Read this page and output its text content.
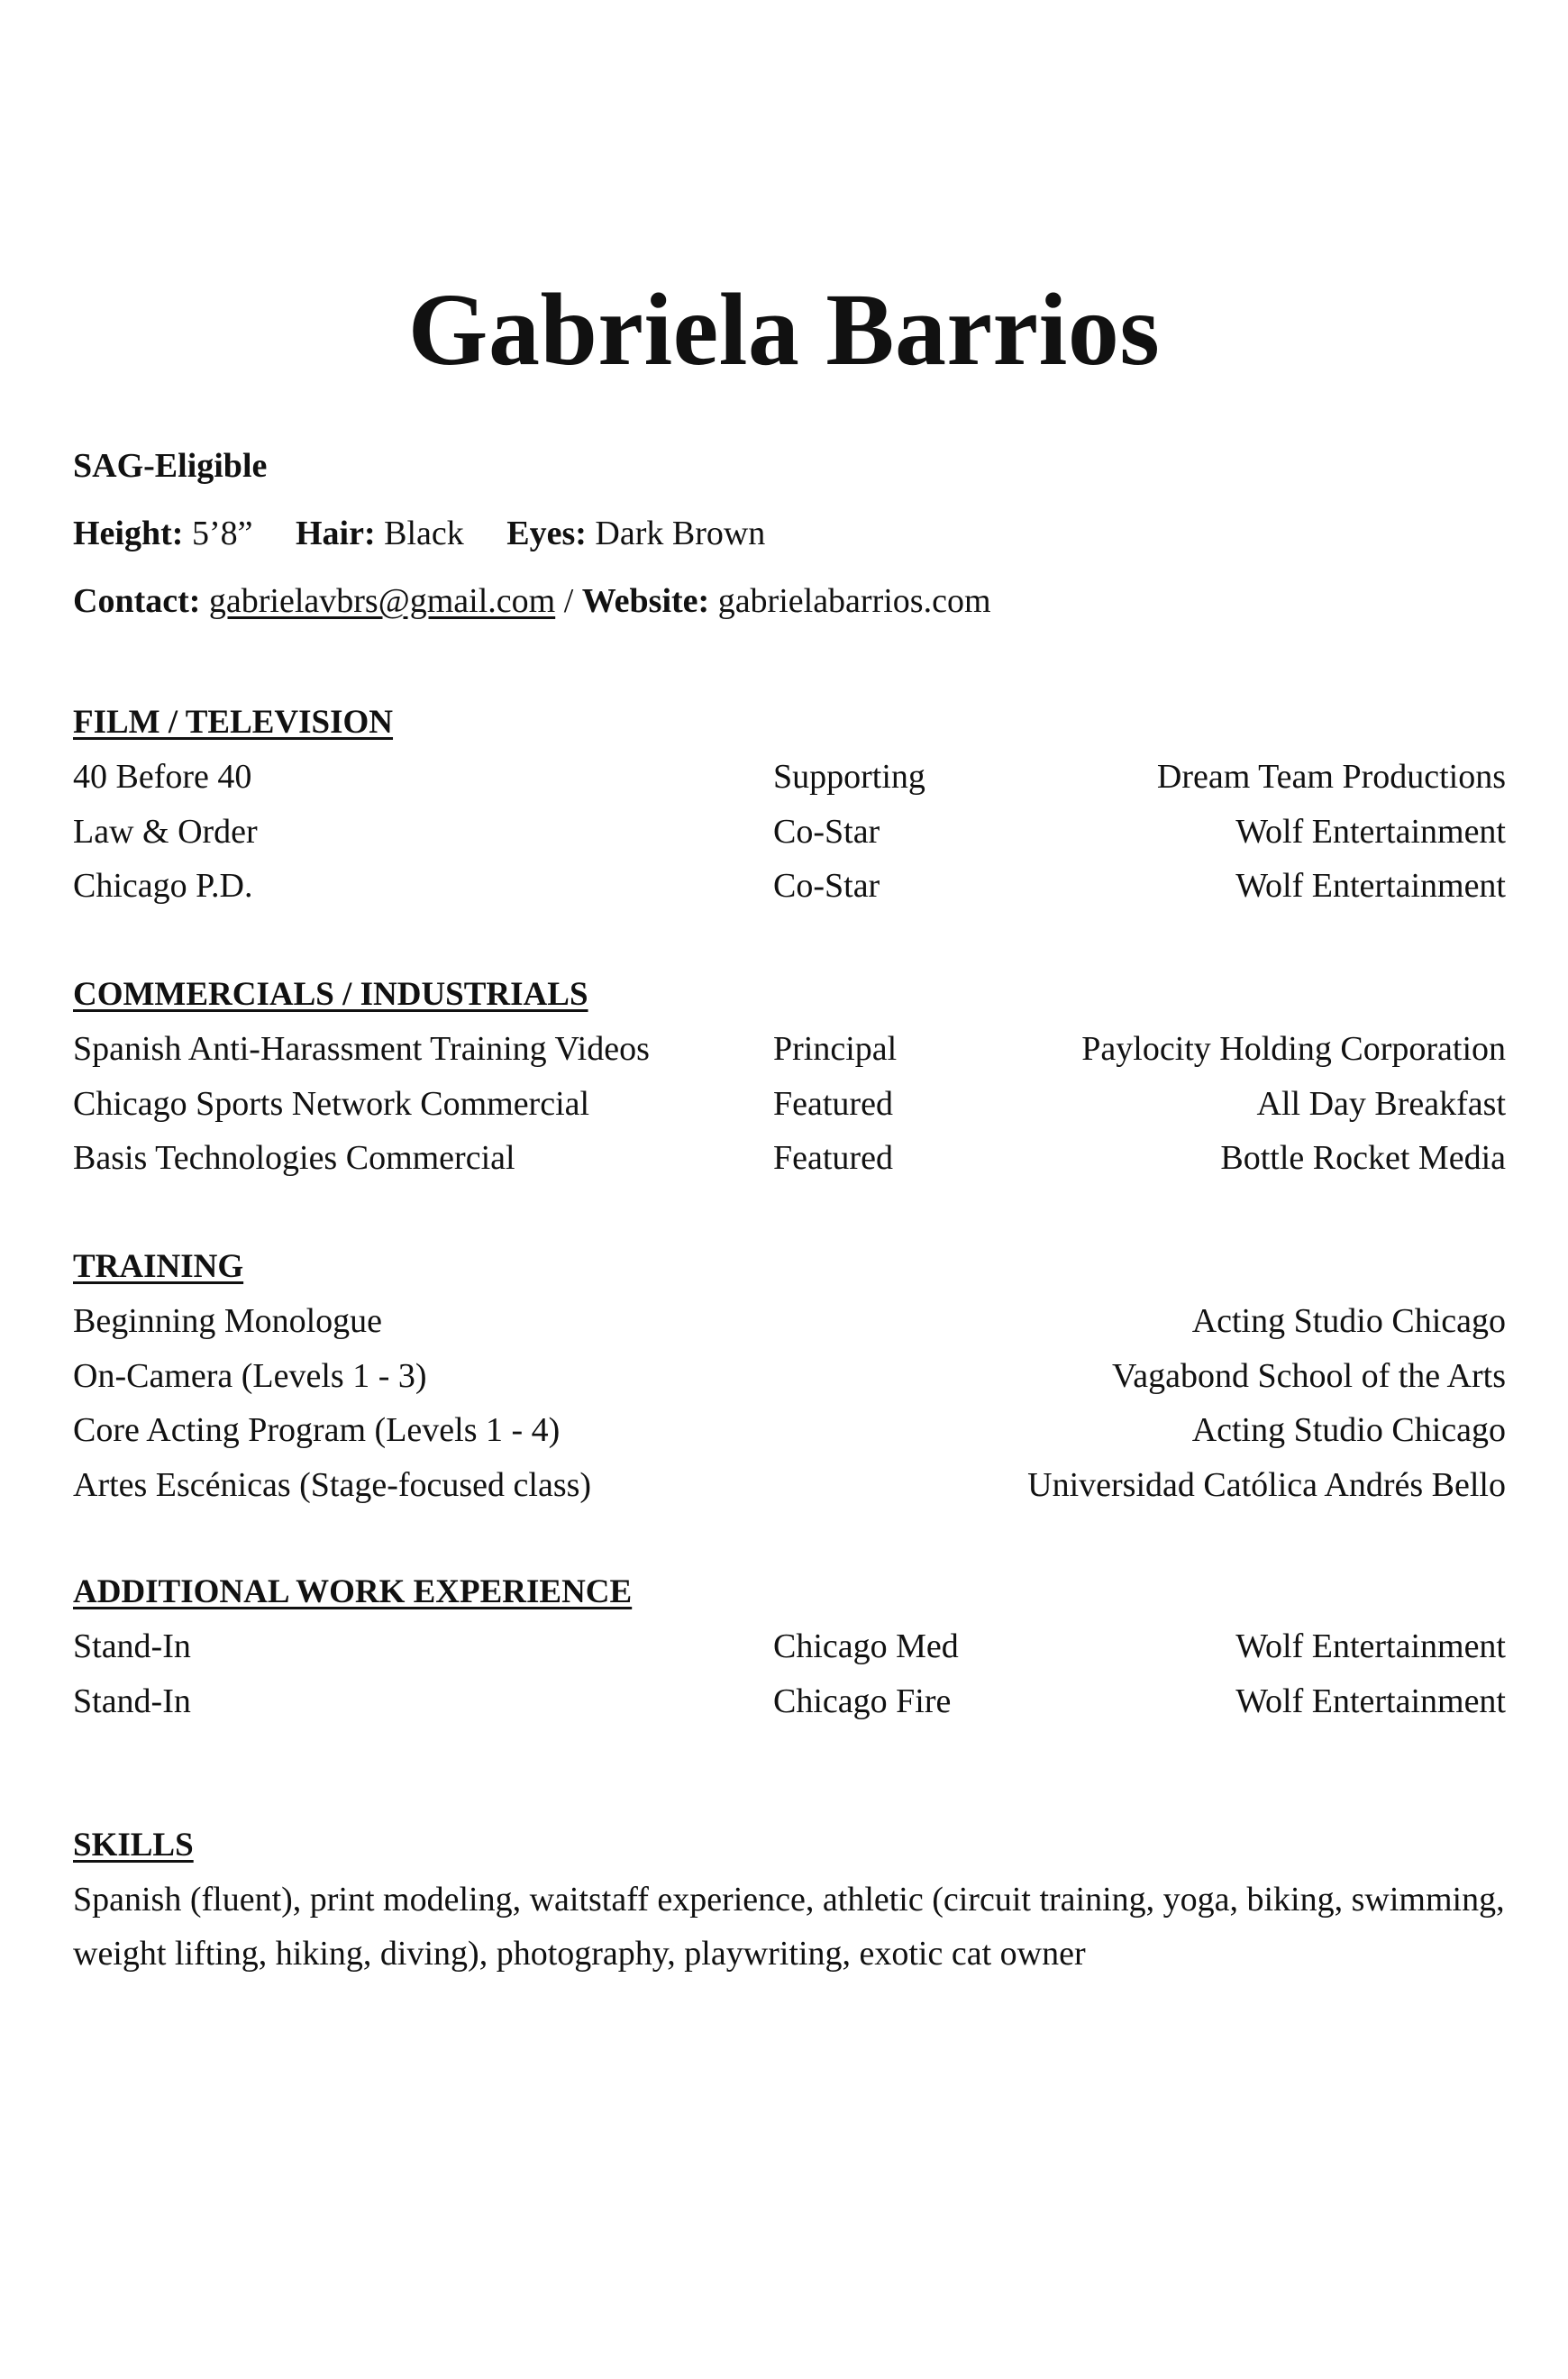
Gabriela Barrios

SAG-Eligible

Height: 5’8” Hair: Black Eyes: Dark Brown

Contact: gabrielavbrs@gmail.com / Website: gabrielabarrios.com

FILM / TELEVISION

40 Before 40	Supporting	Dream Team Productions
Law & Order	Co-Star	Wolf Entertainment
Chicago P.D.	Co-Star	Wolf Entertainment

COMMERCIALS / INDUSTRIALS

Spanish Anti-Harassment Training Videos	Principal	Paylocity Holding Corporation
Chicago Sports Network Commercial	Featured	All Day Breakfast
Basis Technologies Commercial	Featured	Bottle Rocket Media

TRAINING

Beginning Monologue	Acting Studio Chicago
On-Camera (Levels 1 - 3)	Vagabond School of the Arts
Core Acting Program (Levels 1 - 4)	Acting Studio Chicago
Artes Escénicas (Stage-focused class)	Universidad Católica Andrés Bello

ADDITIONAL WORK EXPERIENCE

Stand-In	Chicago Med	Wolf Entertainment
Stand-In	Chicago Fire	Wolf Entertainment

SKILLS

Spanish (fluent), print modeling, waitstaff experience, athletic (circuit training, yoga, biking, swimming,
weight lifting, hiking, diving), photography, playwriting, exotic cat owner
